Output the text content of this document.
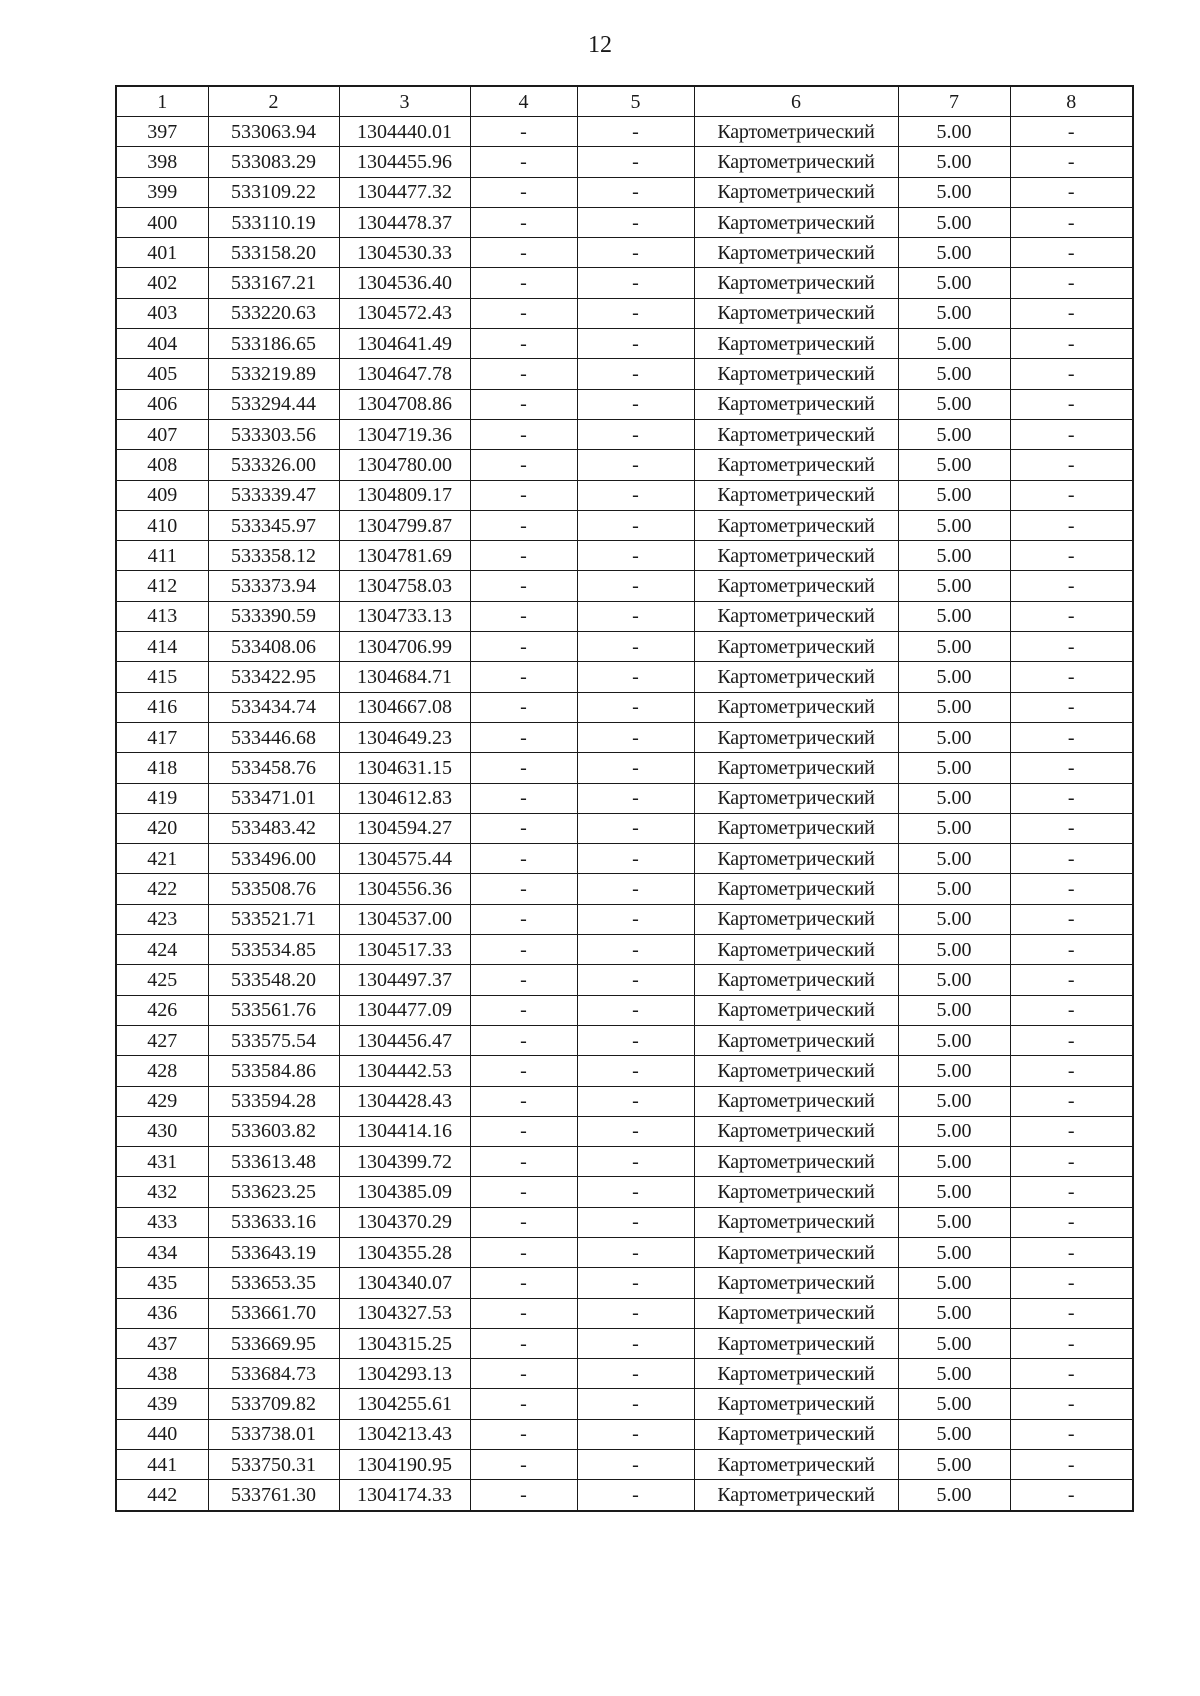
12
1	2	3	4	5	6	7	8
397	533063.94	1304440.01	-	-	Картометрический	5.00	-
398	533083.29	1304455.96	-	-	Картометрический	5.00	-
399	533109.22	1304477.32	-	-	Картометрический	5.00	-
400	533110.19	1304478.37	-	-	Картометрический	5.00	-
401	533158.20	1304530.33	-	-	Картометрический	5.00	-
402	533167.21	1304536.40	-	-	Картометрический	5.00	-
403	533220.63	1304572.43	-	-	Картометрический	5.00	-
404	533186.65	1304641.49	-	-	Картометрический	5.00	-
405	533219.89	1304647.78	-	-	Картометрический	5.00	-
406	533294.44	1304708.86	-	-	Картометрический	5.00	-
407	533303.56	1304719.36	-	-	Картометрический	5.00	-
408	533326.00	1304780.00	-	-	Картометрический	5.00	-
409	533339.47	1304809.17	-	-	Картометрический	5.00	-
410	533345.97	1304799.87	-	-	Картометрический	5.00	-
411	533358.12	1304781.69	-	-	Картометрический	5.00	-
412	533373.94	1304758.03	-	-	Картометрический	5.00	-
413	533390.59	1304733.13	-	-	Картометрический	5.00	-
414	533408.06	1304706.99	-	-	Картометрический	5.00	-
415	533422.95	1304684.71	-	-	Картометрический	5.00	-
416	533434.74	1304667.08	-	-	Картометрический	5.00	-
417	533446.68	1304649.23	-	-	Картометрический	5.00	-
418	533458.76	1304631.15	-	-	Картометрический	5.00	-
419	533471.01	1304612.83	-	-	Картометрический	5.00	-
420	533483.42	1304594.27	-	-	Картометрический	5.00	-
421	533496.00	1304575.44	-	-	Картометрический	5.00	-
422	533508.76	1304556.36	-	-	Картометрический	5.00	-
423	533521.71	1304537.00	-	-	Картометрический	5.00	-
424	533534.85	1304517.33	-	-	Картометрический	5.00	-
425	533548.20	1304497.37	-	-	Картометрический	5.00	-
426	533561.76	1304477.09	-	-	Картометрический	5.00	-
427	533575.54	1304456.47	-	-	Картометрический	5.00	-
428	533584.86	1304442.53	-	-	Картометрический	5.00	-
429	533594.28	1304428.43	-	-	Картометрический	5.00	-
430	533603.82	1304414.16	-	-	Картометрический	5.00	-
431	533613.48	1304399.72	-	-	Картометрический	5.00	-
432	533623.25	1304385.09	-	-	Картометрический	5.00	-
433	533633.16	1304370.29	-	-	Картометрический	5.00	-
434	533643.19	1304355.28	-	-	Картометрический	5.00	-
435	533653.35	1304340.07	-	-	Картометрический	5.00	-
436	533661.70	1304327.53	-	-	Картометрический	5.00	-
437	533669.95	1304315.25	-	-	Картометрический	5.00	-
438	533684.73	1304293.13	-	-	Картометрический	5.00	-
439	533709.82	1304255.61	-	-	Картометрический	5.00	-
440	533738.01	1304213.43	-	-	Картометрический	5.00	-
441	533750.31	1304190.95	-	-	Картометрический	5.00	-
442	533761.30	1304174.33	-	-	Картометрический	5.00	-
